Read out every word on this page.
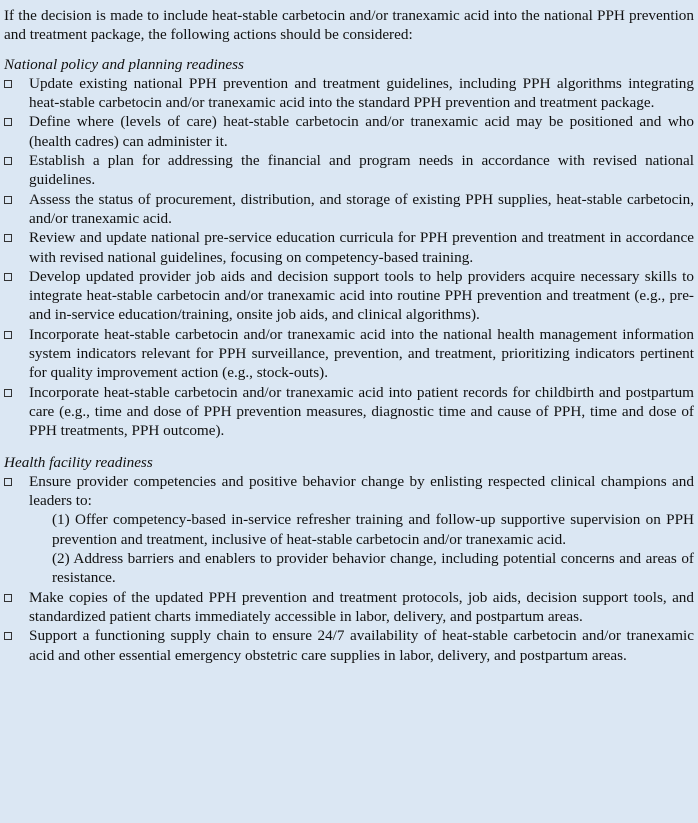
If the decision is made to include heat-stable carbetocin and/or tranexamic acid into the national PPH prevention and treatment package, the following actions should be considered:

National policy and planning readiness

Update existing national PPH prevention and treatment guidelines, including PPH algorithms integrating heat-stable carbetocin and/or tranexamic acid into the standard PPH prevention and treatment package.
Define where (levels of care) heat-stable carbetocin and/or tranexamic acid may be positioned and who (health cadres) can administer it.
Establish a plan for addressing the financial and program needs in accordance with revised national guidelines.
Assess the status of procurement, distribution, and storage of existing PPH supplies, heat-stable carbetocin, and/or tranexamic acid.
Review and update national pre-service education curricula for PPH prevention and treatment in accordance with revised national guidelines, focusing on competency-based training.
Develop updated provider job aids and decision support tools to help providers acquire necessary skills to integrate heat-stable carbetocin and/or tranexamic acid into routine PPH prevention and treatment (e.g., pre- and in-service education/training, onsite job aids, and clinical algorithms).
Incorporate heat-stable carbetocin and/or tranexamic acid into the national health management information system indicators relevant for PPH surveillance, prevention, and treatment, prioritizing indicators pertinent for quality improvement action (e.g., stock-outs).
Incorporate heat-stable carbetocin and/or tranexamic acid into patient records for childbirth and postpartum care (e.g., time and dose of PPH prevention measures, diagnostic time and cause of PPH, time and dose of PPH treatments, PPH outcome).

Health facility readiness

Ensure provider competencies and positive behavior change by enlisting respected clinical champions and leaders to:
(1) Offer competency-based in-service refresher training and follow-up supportive supervision on PPH prevention and treatment, inclusive of heat-stable carbetocin and/or tranexamic acid.
(2) Address barriers and enablers to provider behavior change, including potential concerns and areas of resistance.
Make copies of the updated PPH prevention and treatment protocols, job aids, decision support tools, and standardized patient charts immediately accessible in labor, delivery, and postpartum areas.
Support a functioning supply chain to ensure 24/7 availability of heat-stable carbetocin and/or tranexamic acid and other essential emergency obstetric care supplies in labor, delivery, and postpartum areas.
